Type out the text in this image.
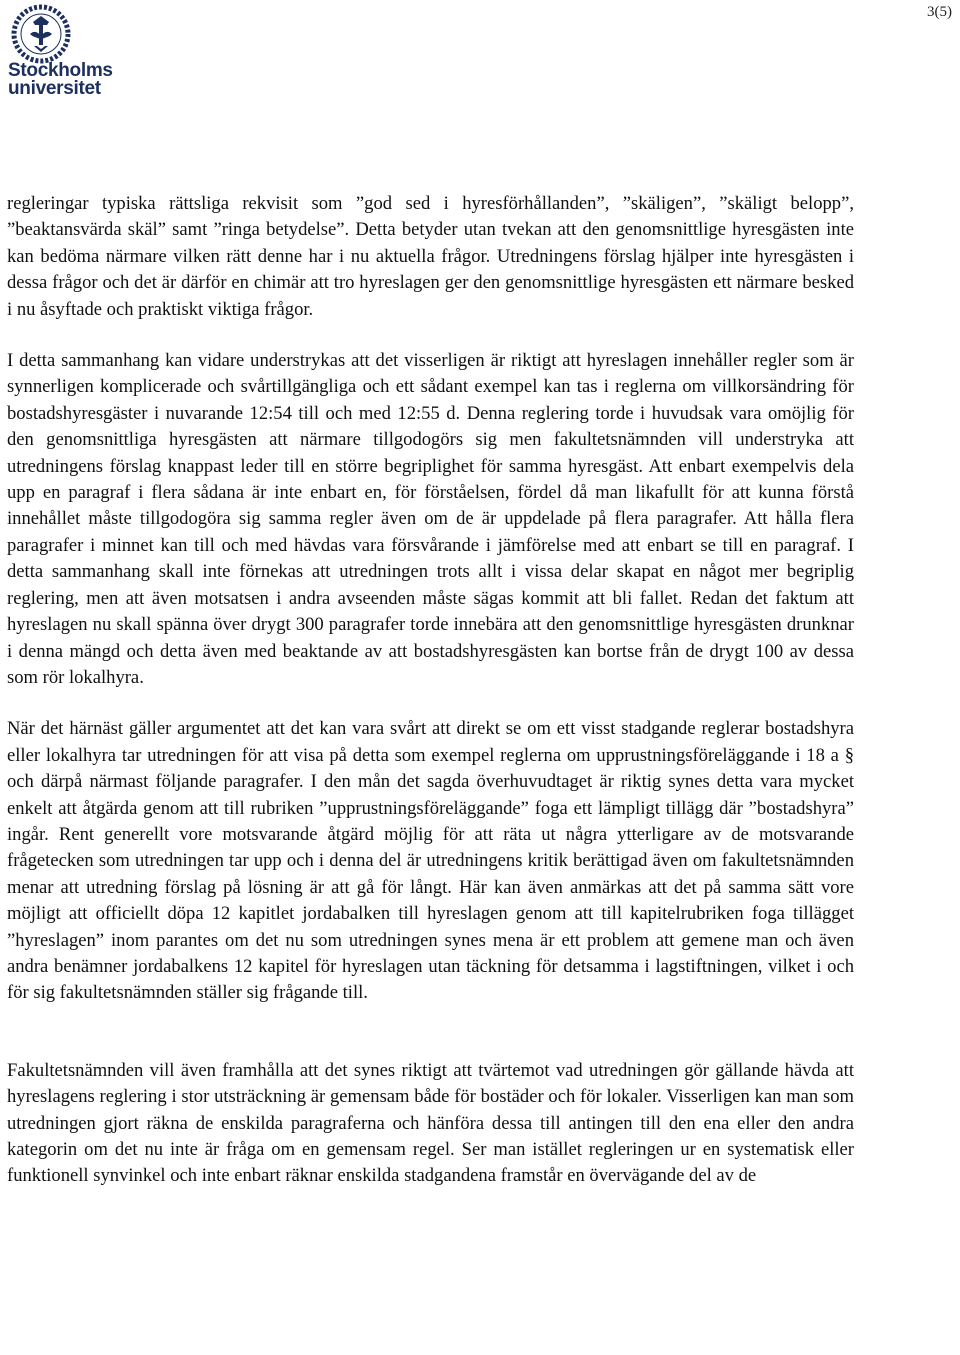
3(5)
Stockholms
universitet

regleringar typiska rättsliga rekvisit som ”god sed i hyresförhållanden”, ”skäligen”, ”skäligt belopp”, ”beaktansvärda skäl” samt ”ringa betydelse”. Detta betyder utan tvekan att den genomsnittlige hyresgästen inte kan bedöma närmare vilken rätt denne har i nu aktuella frågor. Utredningens förslag hjälper inte hyresgästen i dessa frågor och det är därför en chimär att tro hyreslagen ger den genomsnittlige hyresgästen ett närmare besked i nu åsyftade och praktiskt viktiga frågor.

I detta sammanhang kan vidare understrykas att det visserligen är riktigt att hyreslagen innehåller regler som är synnerligen komplicerade och svårtillgängliga och ett sådant exempel kan tas i reglerna om villkorsändring för bostadshyresgäster i nuvarande 12:54 till och med 12:55 d. Denna reglering torde i huvudsak vara omöjlig för den genomsnittliga hyresgästen att närmare tillgodogörs sig men fakultetsnämnden vill understryka att utredningens förslag knappast leder till en större begriplighet för samma hyresgäst. Att enbart exempelvis dela upp en paragraf i flera sådana är inte enbart en, för förståelsen, fördel då man likafullt för att kunna förstå innehållet måste tillgodogöra sig samma regler även om de är uppdelade på flera paragrafer. Att hålla flera paragrafer i minnet kan till och med hävdas vara försvårande i jämförelse med att enbart se till en paragraf. I detta sammanhang skall inte förnekas att utredningen trots allt i vissa delar skapat en något mer begriplig reglering, men att även motsatsen i andra avseenden måste sägas kommit att bli fallet. Redan det faktum att hyreslagen nu skall spänna över drygt 300 paragrafer torde innebära att den genomsnittlige hyresgästen drunknar i denna mängd och detta även med beaktande av att bostadshyresgästen kan bortse från de drygt 100 av dessa som rör lokalhyra.

När det härnäst gäller argumentet att det kan vara svårt att direkt se om ett visst stadgande reglerar bostadshyra eller lokalhyra tar utredningen för att visa på detta som exempel reglerna om upprustningsföreläggande i 18 a § och därpå närmast följande paragrafer. I den mån det sagda överhuvudtaget är riktig synes detta vara mycket enkelt att åtgärda genom att till rubriken ”upprustningsföreläggande” foga ett lämpligt tillägg där ”bostadshyra” ingår. Rent generellt vore motsvarande åtgärd möjlig för att räta ut några ytterligare av de motsvarande frågetecken som utredningen tar upp och i denna del är utredningens kritik berättigad även om fakultetsnämnden menar att utredning förslag på lösning är att gå för långt. Här kan även anmärkas att det på samma sätt vore möjligt att officiellt döpa 12 kapitlet jordabalken till hyreslagen genom att till kapitelrubriken foga tillägget ”hyreslagen” inom parantes om det nu som utredningen synes mena är ett problem att gemene man och även andra benämner jordabalkens 12 kapitel för hyreslagen utan täckning för detsamma i lagstiftningen, vilket i och för sig fakultetsnämnden ställer sig frågande till.

Fakultetsnämnden vill även framhålla att det synes riktigt att tvärtemot vad utredningen gör gällande hävda att hyreslagens reglering i stor utsträckning är gemensam både för bostäder och för lokaler. Visserligen kan man som utredningen gjort räkna de enskilda paragraferna och hänföra dessa till antingen till den ena eller den andra kategorin om det nu inte är fråga om en gemensam regel. Ser man istället regleringen ur en systematisk eller funktionell synvinkel och inte enbart räknar enskilda stadgandena framstår en övervägande del av de
